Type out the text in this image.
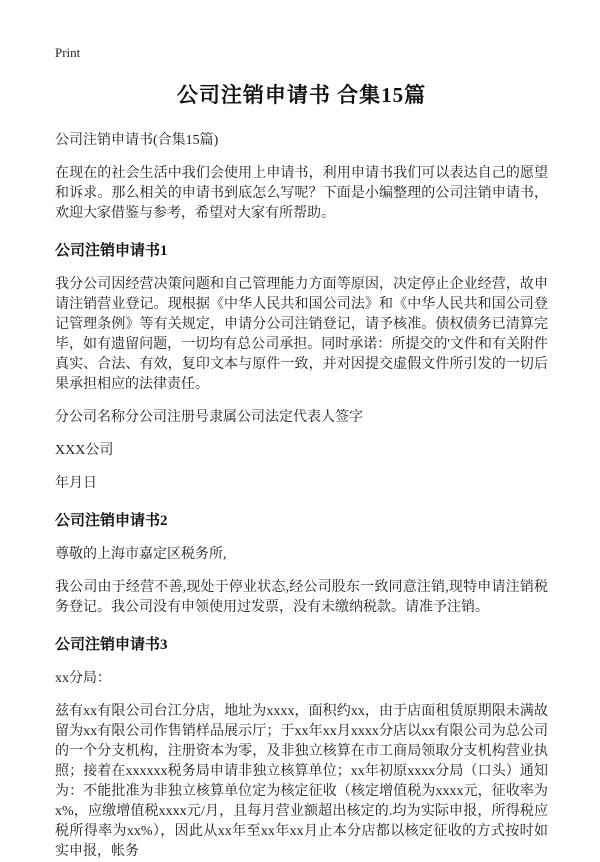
Print
公司注销申请书 合集15篇

公司注销申请书(合集15篇)

在现在的社会生活中我们会使用上申请书，利用申请书我们可以表达自己的愿望和诉求。那么相关的申请书到底怎么写呢？下面是小编整理的公司注销申请书，欢迎大家借鉴与参考，希望对大家有所帮助。

公司注销申请书1

我分公司因经营决策问题和自己管理能力方面等原因，决定停止企业经营，故申请注销营业登记。现根据《中华人民共和国公司法》和《中华人民共和国公司登记管理条例》等有关规定，申请分公司注销登记，请予核准。债权债务已清算完毕，如有遗留问题，一切均有总公司承担。同时承诺：所提交的'文件和有关附件真实、合法、有效，复印文本与原件一致，并对因提交虚假文件所引发的一切后果承担相应的法律责任。

分公司名称分公司注册号隶属公司法定代表人签字

XXX公司

年月日

公司注销申请书2

尊敬的上海市嘉定区税务所,

我公司由于经营不善,现处于停业状态,经公司股东一致同意注销,现特申请注销税务登记。我公司没有申领使用过发票，没有未缴纳税款。请准予注销。

公司注销申请书3

xx分局：

兹有xx有限公司台江分店，地址为xxxx，面积约xx，由于店面租赁原期限未满故留为xx有限公司作售销样品展示厅；于xx年xx月xxxx分店以xx有限公司为总公司的一个分支机构，注册资本为零，及非独立核算在市工商局领取分支机构营业执照；接着在xxxxxx税务局申请非独立核算单位；xx年初原xxxx分局（口头）通知为：不能批准为非独立核算单位定为核定征收（核定增值税为xxxx元，征收率为x%，应缴增值税xxxx元/月，且每月营业额超出核定的.均为实际申报，所得税应税所得率为xx%），因此从xx年至xx年xx月止本分店都以核定征收的方式按时如实申报，帐务
